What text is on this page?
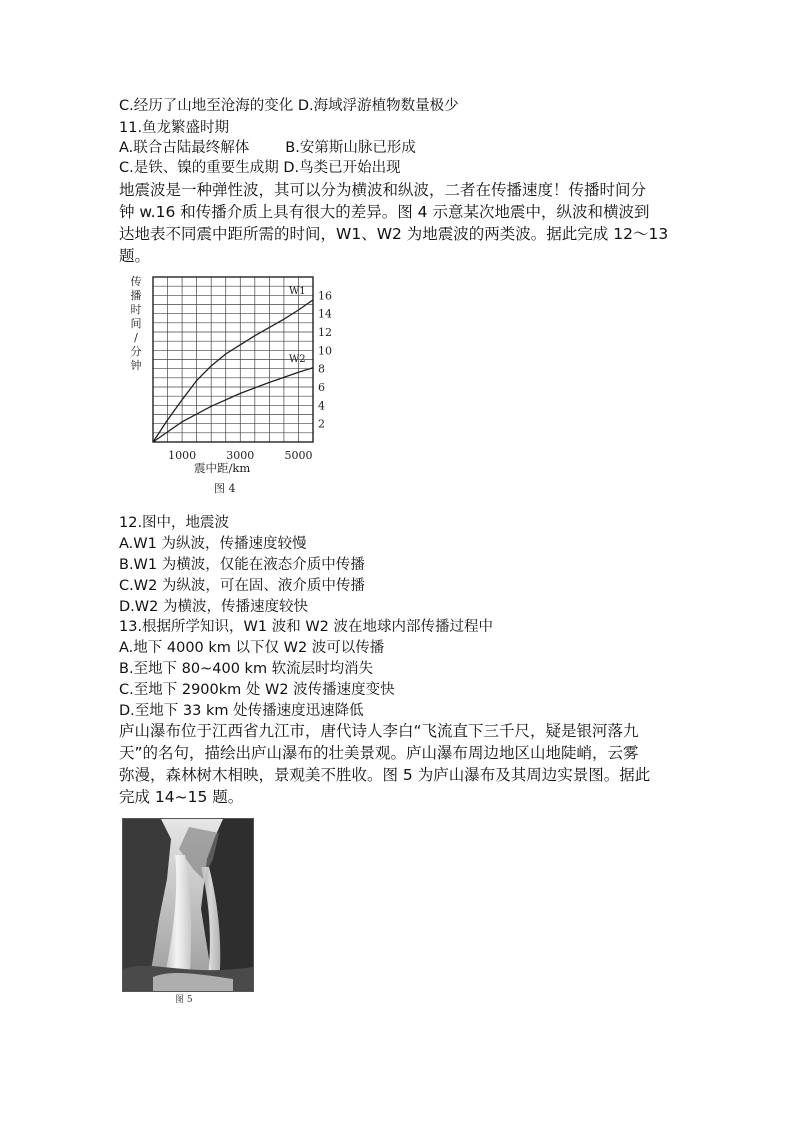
C.经历了山地至沧海的变化 D.海域浮游植物数量极少
11.鱼龙繁盛时期
A.联合古陆最终解体 B.安第斯山脉已形成
C.是铁、镍的重要生成期 D.鸟类已开始出现
地震波是一种弹性波，其可以分为横波和纵波，二者在传播速度！传播时间分
钟 w.16 和传播介质上具有很大的差异。图 4 示意某次地震中，纵波和横波到
达地表不同震中距所需的时间，W1、W2 为地震波的两类波。据此完成 12～13
题。
传
播
时
间
/
分
钟
W1
W2
1000	3000	5000
2
4
6
8
10
12
14
16
震中距/km
图 4
12.图中，地震波
A.W1 为纵波，传播速度较慢
B.W1 为横波，仅能在液态介质中传播
C.W2 为纵波，可在固、液介质中传播
D.W2 为横波，传播速度较快
13.根据所学知识，W1 波和 W2 波在地球内部传播过程中
A.地下 4000 km 以下仅 W2 波可以传播
B.至地下 80~400 km 软流层时均消失
C.至地下 2900km 处 W2 波传播速度变快
D.至地下 33 km 处传播速度迅速降低
庐山瀑布位于江西省九江市，唐代诗人李白“飞流直下三千尺，疑是银河落九
天”的名句，描绘出庐山瀑布的壮美景观。庐山瀑布周边地区山地陡峭，云雾
弥漫，森林树木相映，景观美不胜收。图 5 为庐山瀑布及其周边实景图。据此
完成 14~15 题。
图 5
